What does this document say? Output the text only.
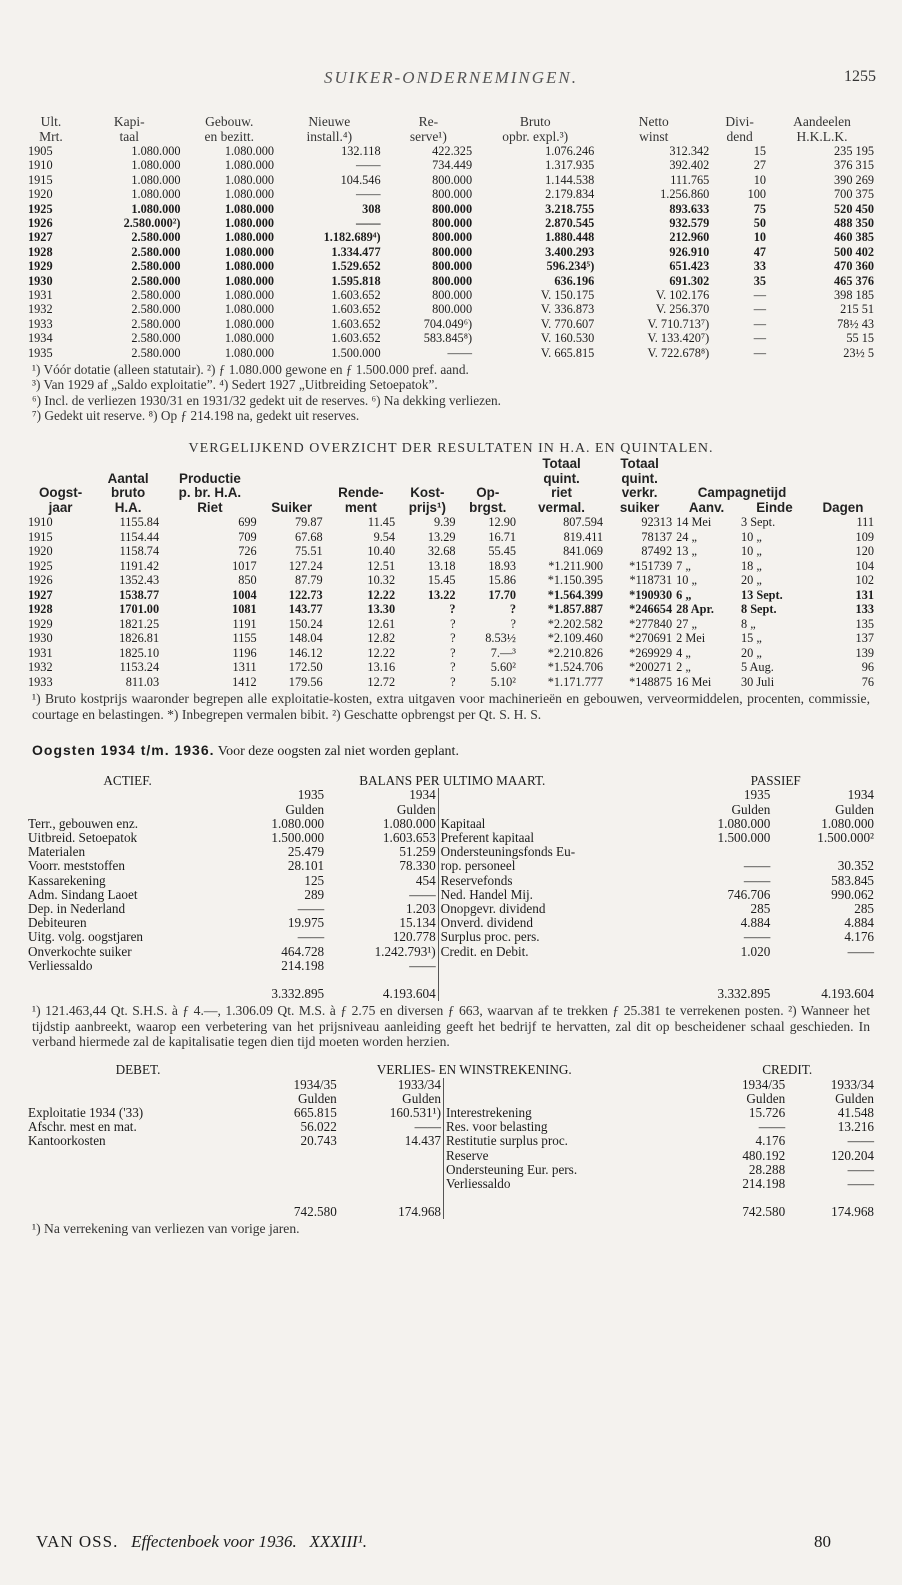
SUIKER-ONDERNEMINGEN.	1255
Ult.	Kapi-	Gebouw.	Nieuwe	Re-	Bruto	Netto	Divi-	Aandeelen
Mrt.	taal	en bezitt.	install.⁴)	serve¹)	opbr. expl.³)	winst	dend	H.K.L.K.
1905	1.080.000	1.080.000	132.118	422.325	1.076.246	312.342	15	235 195
1910	1.080.000	1.080.000	——	734.449	1.317.935	392.402	27	376 315
1915	1.080.000	1.080.000	104.546	800.000	1.144.538	111.765	10	390 269
1920	1.080.000	1.080.000	——	800.000	2.179.834	1.256.860	100	700 375
1925	1.080.000	1.080.000	308	800.000	3.218.755	893.633	75	520 450
1926	2.580.000²)	1.080.000	——	800.000	2.870.545	932.579	50	488 350
1927	2.580.000	1.080.000	1.182.689⁴)	800.000	1.880.448	212.960	10	460 385
1928	2.580.000	1.080.000	1.334.477	800.000	3.400.293	926.910	47	500 402
1929	2.580.000	1.080.000	1.529.652	800.000	596.234⁵)	651.423	33	470 360
1930	2.580.000	1.080.000	1.595.818	800.000	636.196	691.302	35	465 376
1931	2.580.000	1.080.000	1.603.652	800.000	V. 150.175	V. 102.176	—	398 185
1932	2.580.000	1.080.000	1.603.652	800.000	V. 336.873	V. 256.370	—	215 51
1933	2.580.000	1.080.000	1.603.652	704.049⁶)	V. 770.607	V. 710.713⁷)	—	78½ 43
1934	2.580.000	1.080.000	1.603.652	583.845⁸)	V. 160.530	V. 133.420⁷)	—	55 15
1935	2.580.000	1.080.000	1.500.000	——	V. 665.815	V. 722.678⁸)	—	23½ 5
¹) Vóór dotatie (alleen statutair). ²) ƒ 1.080.000 gewone en ƒ 1.500.000 pref. aand.
³) Van 1929 af „Saldo exploitatie”. ⁴) Sedert 1927 „Uitbreiding Setoepatok”.
⁶) Incl. de verliezen 1930/31 en 1931/32 gedekt uit de reserves. ⁶) Na dekking verliezen.
⁷) Gedekt uit reserve. ⁸) Op ƒ 214.198 na, gedekt uit reserves.
VERGELIJKEND OVERZICHT DER RESULTATEN IN H.A. EN QUINTALEN.
							Totaal	Totaal			
	Aantal	Productie					quint.	quint.			
Oogst-	bruto	p. br. H.A.		Rende-	Kost-	Op-	riet	verkr.	Campagnetijd		
jaar	H.A.	Riet	Suiker	ment	prijs¹)	brgst.	vermal.	suiker	Aanv.	Einde	Dagen
1910	1155.84	699	79.87	11.45	9.39	12.90	807.594	92313	14 Mei	3 Sept.	111
1915	1154.44	709	67.68	9.54	13.29	16.71	819.411	78137	24 „	10 „	109
1920	1158.74	726	75.51	10.40	32.68	55.45	841.069	87492	13 „	10 „	120
1925	1191.42	1017	127.24	12.51	13.18	18.93	*1.211.900	*151739	7 „	18 „	104
1926	1352.43	850	87.79	10.32	15.45	15.86	*1.150.395	*118731	10 „	20 „	102
1927	1538.77	1004	122.73	12.22	13.22	17.70	*1.564.399	*190930	6 „	13 Sept.	131
1928	1701.00	1081	143.77	13.30	?	?	*1.857.887	*246654	28 Apr.	8 Sept.	133
1929	1821.25	1191	150.24	12.61	?	?	*2.202.582	*277840	27 „	8 „	135
1930	1826.81	1155	148.04	12.82	?	8.53½	*2.109.460	*270691	2 Mei	15 „	137
1931	1825.10	1196	146.12	12.22	?	7.—³	*2.210.826	*269929	4 „	20 „	139
1932	1153.24	1311	172.50	13.16	?	5.60²	*1.524.706	*200271	2 „	5 Aug.	96
1933	811.03	1412	179.56	12.72	?	5.10²	*1.171.777	*148875	16 Mei	30 Juli	76
¹) Bruto kostprijs waaronder begrepen alle exploitatie-kosten, extra uitgaven voor machinerieën en gebouwen, verveormiddelen, procenten, commissie, courtage en belastingen. *) Inbegrepen vermalen bibit. ²) Geschatte opbrengst per Qt. S. H. S.
Oogsten 1934 t/m. 1936. Voor deze oogsten zal niet worden geplant.
ACTIEF.	BALANS PER ULTIMO MAART.			PASSIEF	
	1935	1934		1935	1934
	Gulden	Gulden		Gulden	Gulden
Terr., gebouwen enz.	1.080.000	1.080.000	Kapitaal	1.080.000	1.080.000
Uitbreid. Setoepatok	1.500.000	1.603.653	Preferent kapitaal	1.500.000	1.500.000²
Materialen	25.479	51.259	Ondersteuningsfonds Eu-		
Voorr. meststoffen	28.101	78.330	rop. personeel	——	30.352
Kassarekening	125	454	Reservefonds	——	583.845
Adm. Sindang Laoet	289	——	Ned. Handel Mij.	746.706	990.062
Dep. in Nederland	——	1.203	Onopgevr. dividend	285	285
Debiteuren	19.975	15.134	Onverd. dividend	4.884	4.884
Uitg. volg. oogstjaren	——	120.778	Surplus proc. pers.	——	4.176
Onverkochte suiker	464.728	1.242.793¹)	Credit. en Debit.	1.020	——
Verliessaldo	214.198	——			
	3.332.895	4.193.604		3.332.895	4.193.604
¹) 121.463,44 Qt. S.H.S. à ƒ 4.—, 1.306.09 Qt. M.S. à ƒ 2.75 en diversen ƒ 663, waarvan af te trekken ƒ 25.381 te verrekenen posten. ²) Wanneer het tijdstip aanbreekt, waarop een verbetering van het prijsniveau aanleiding geeft het bedrijf te hervatten, zal dit op bescheidener schaal geschieden. In verband hiermede zal de kapitalisatie tegen dien tijd moeten worden herzien.
DEBET.	VERLIES- EN WINSTREKENING.			CREDIT.	
	1934/35	1933/34		1934/35	1933/34
	Gulden	Gulden		Gulden	Gulden
Exploitatie 1934 ('33)	665.815	160.531¹)	Interestrekening	15.726	41.548
Afschr. mest en mat.	56.022	——	Res. voor belasting	——	13.216
Kantoorkosten	20.743	14.437	Restitutie surplus proc.	4.176	——
			Reserve	480.192	120.204
			Ondersteuning Eur. pers.	28.288	——
			Verliessaldo	214.198	——

	742.580	174.968		742.580	174.968
¹) Na verrekening van verliezen van vorige jaren.
VAN OSS. Effectenboek voor 1936. XXXIII¹.	80
